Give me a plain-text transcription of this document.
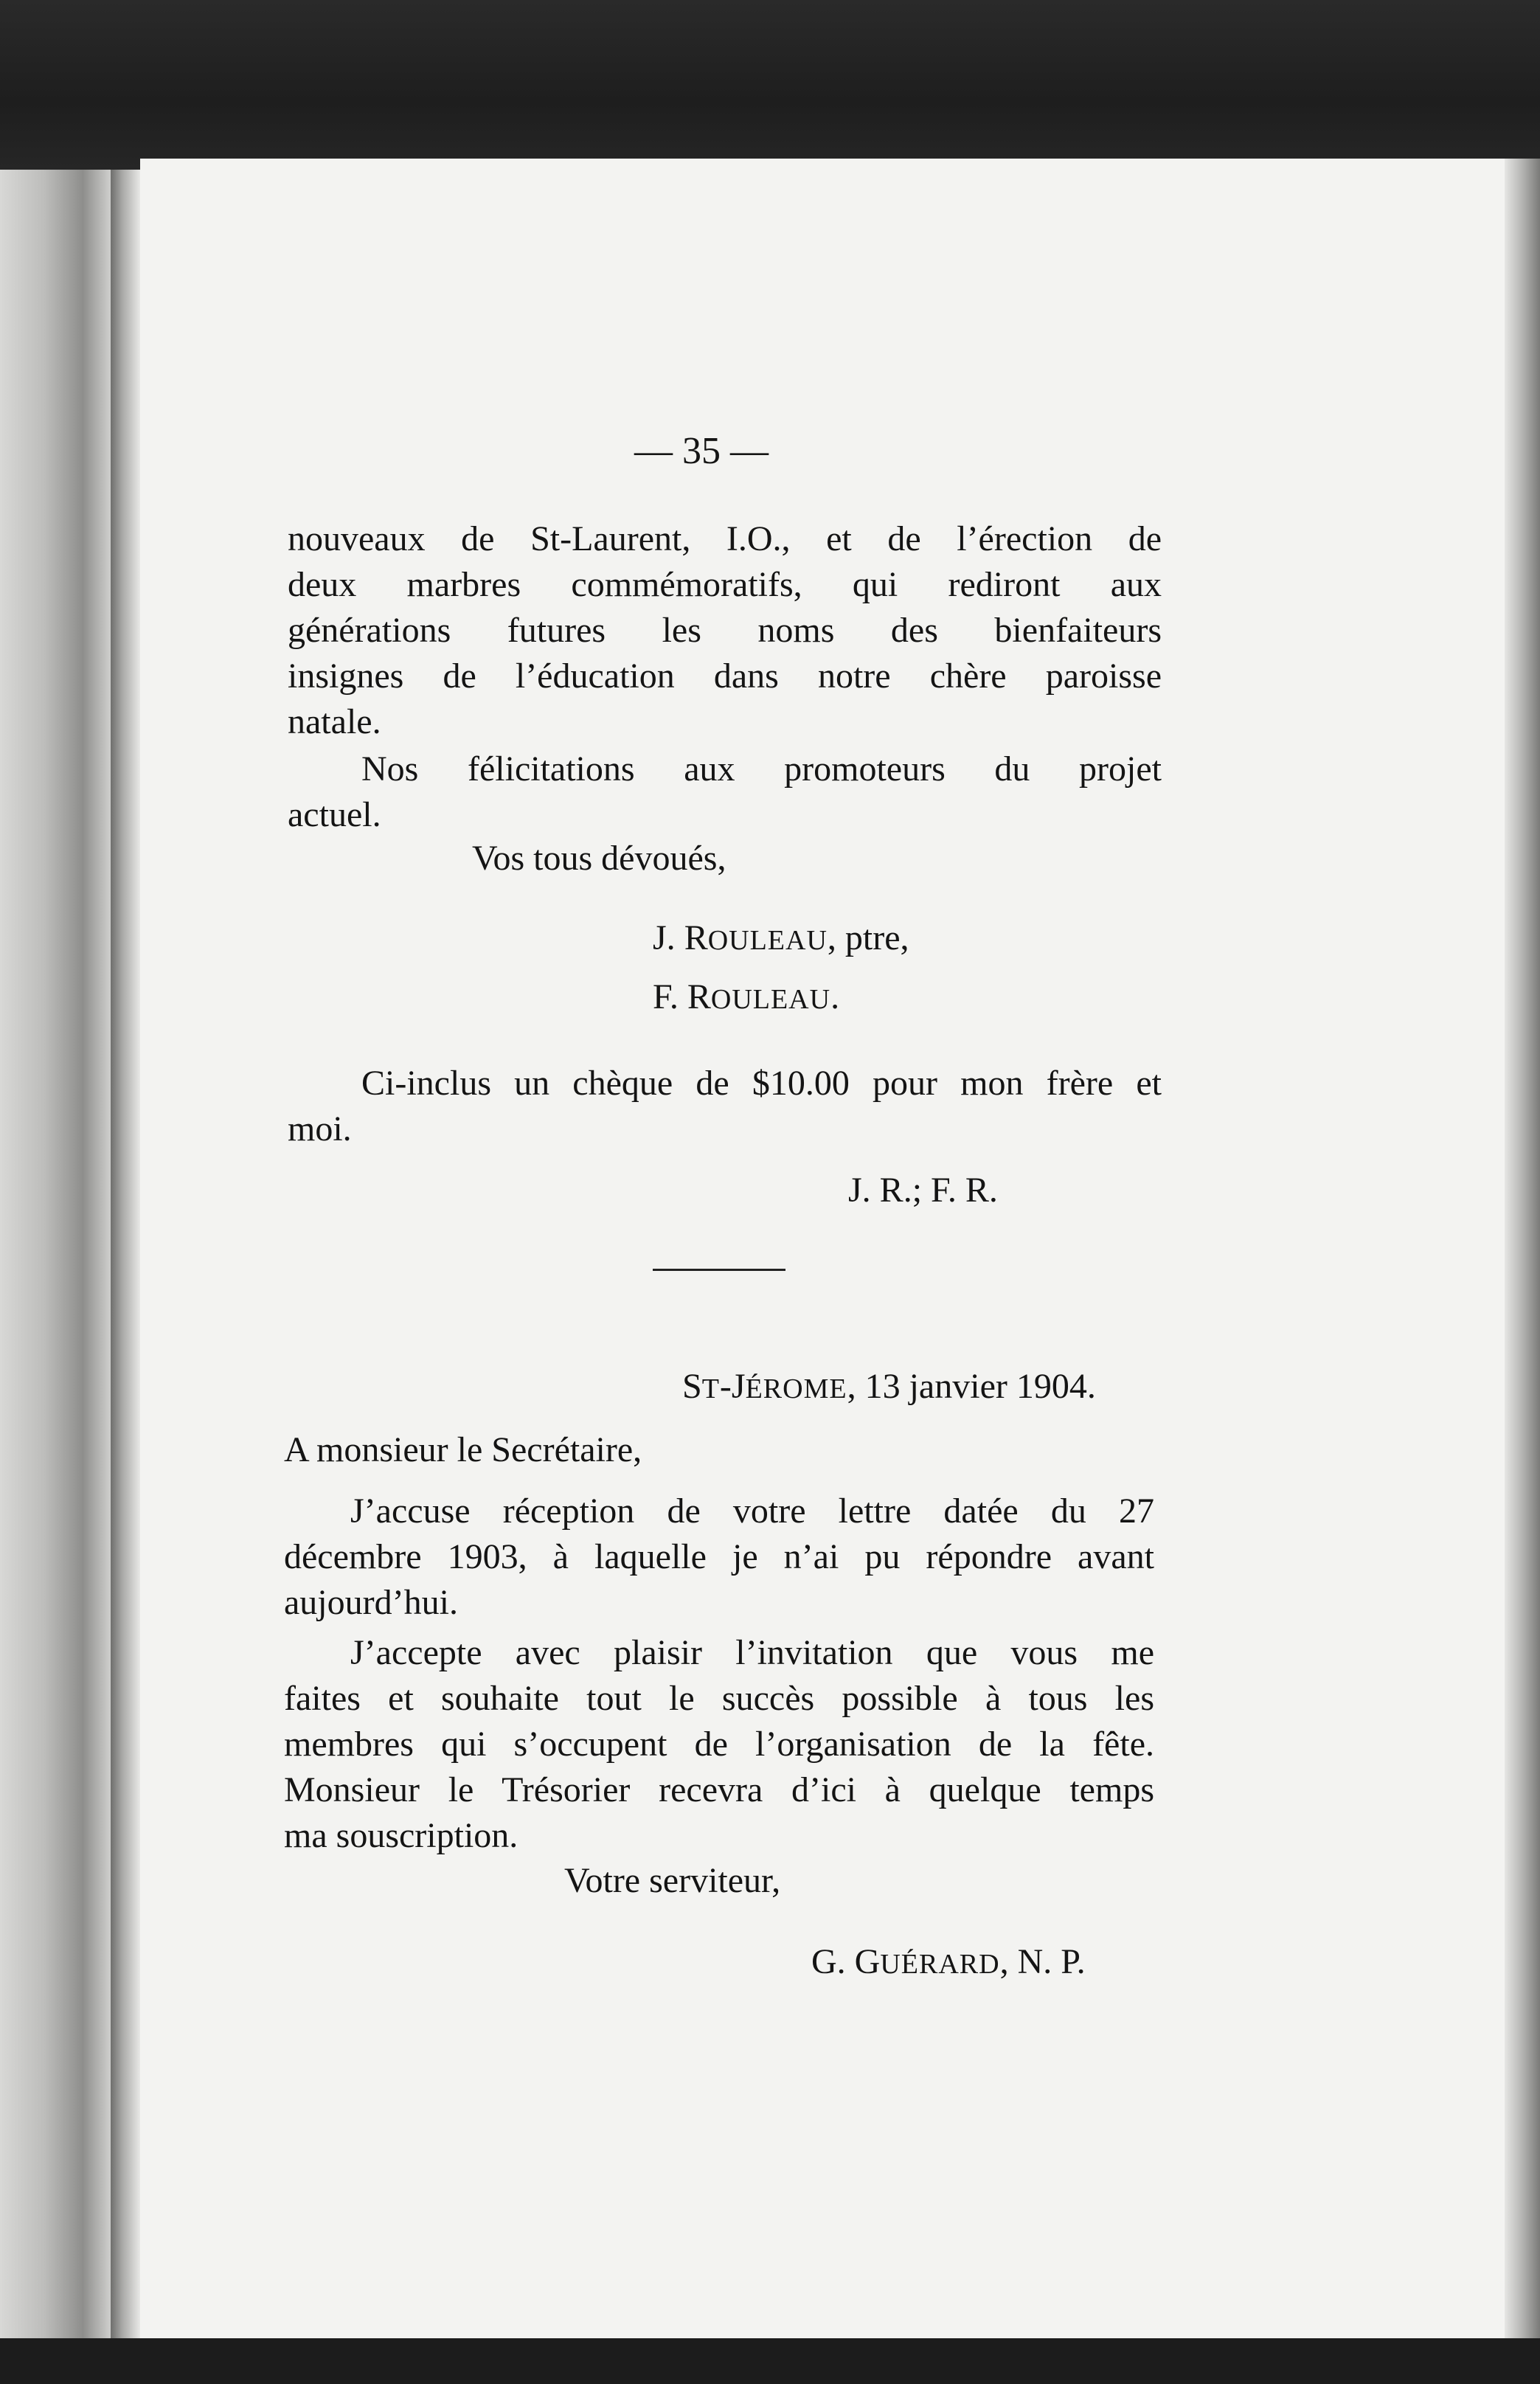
— 35 —
nouveaux de St-Laurent, I.O., et de l’érection de
deux marbres commémoratifs, qui rediront aux
générations futures les noms des bienfaiteurs
insignes de l’éducation dans notre chère paroisse
natale.
Nos félicitations aux promoteurs du projet
actuel.
Vos tous dévoués,
J. ROULEAU, ptre,
F. ROULEAU.
Ci-inclus un chèque de $10.00 pour mon frère et
moi.
J. R.; F. R.
ST-JÉROME, 13 janvier 1904.
A monsieur le Secrétaire,
J’accuse réception de votre lettre datée du 27
décembre 1903, à laquelle je n’ai pu répondre avant
aujourd’hui.
J’accepte avec plaisir l’invitation que vous me
faites et souhaite tout le succès possible à tous les
membres qui s’occupent de l’organisation de la fête.
Monsieur le Trésorier recevra d’ici à quelque temps
ma souscription.
Votre serviteur,
G. GUÉRARD, N. P.
